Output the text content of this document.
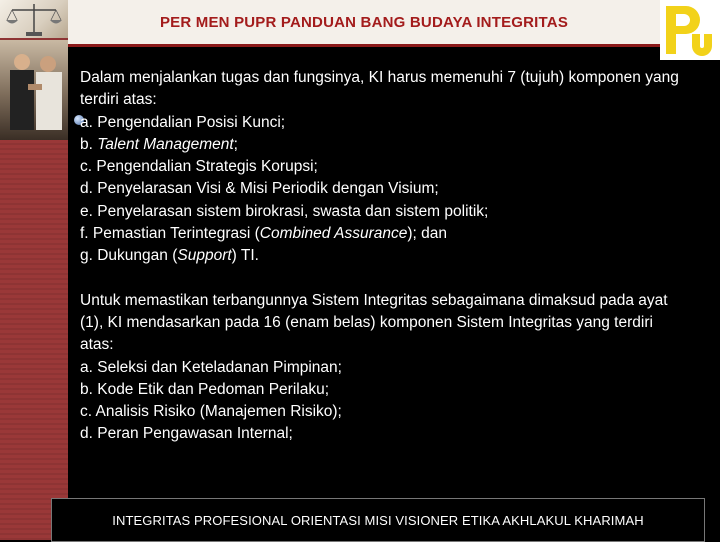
PER MEN PUPR PANDUAN BANG BUDAYA INTEGRITAS

Dalam menjalankan tugas dan fungsinya, KI harus memenuhi 7 (tujuh) komponen yang terdiri atas:

a. Pengendalian Posisi Kunci;

b. Talent Management;

c. Pengendalian Strategis Korupsi;

d. Penyelarasan Visi & Misi Periodik dengan Visium;

e. Penyelarasan sistem birokrasi, swasta dan sistem politik;

f. Pemastian Terintegrasi (Combined Assurance); dan

g. Dukungan (Support) TI.

Untuk memastikan terbangunnya Sistem Integritas sebagaimana dimaksud pada ayat (1), KI mendasarkan pada 16 (enam belas) komponen Sistem Integritas yang terdiri atas:

a. Seleksi dan Keteladanan Pimpinan;

b. Kode Etik dan Pedoman Perilaku;

c. Analisis Risiko (Manajemen Risiko);

d. Peran Pengawasan Internal;

INTEGRITAS PROFESIONAL ORIENTASI MISI VISIONER ETIKA AKHLAKUL KHARIMAH
